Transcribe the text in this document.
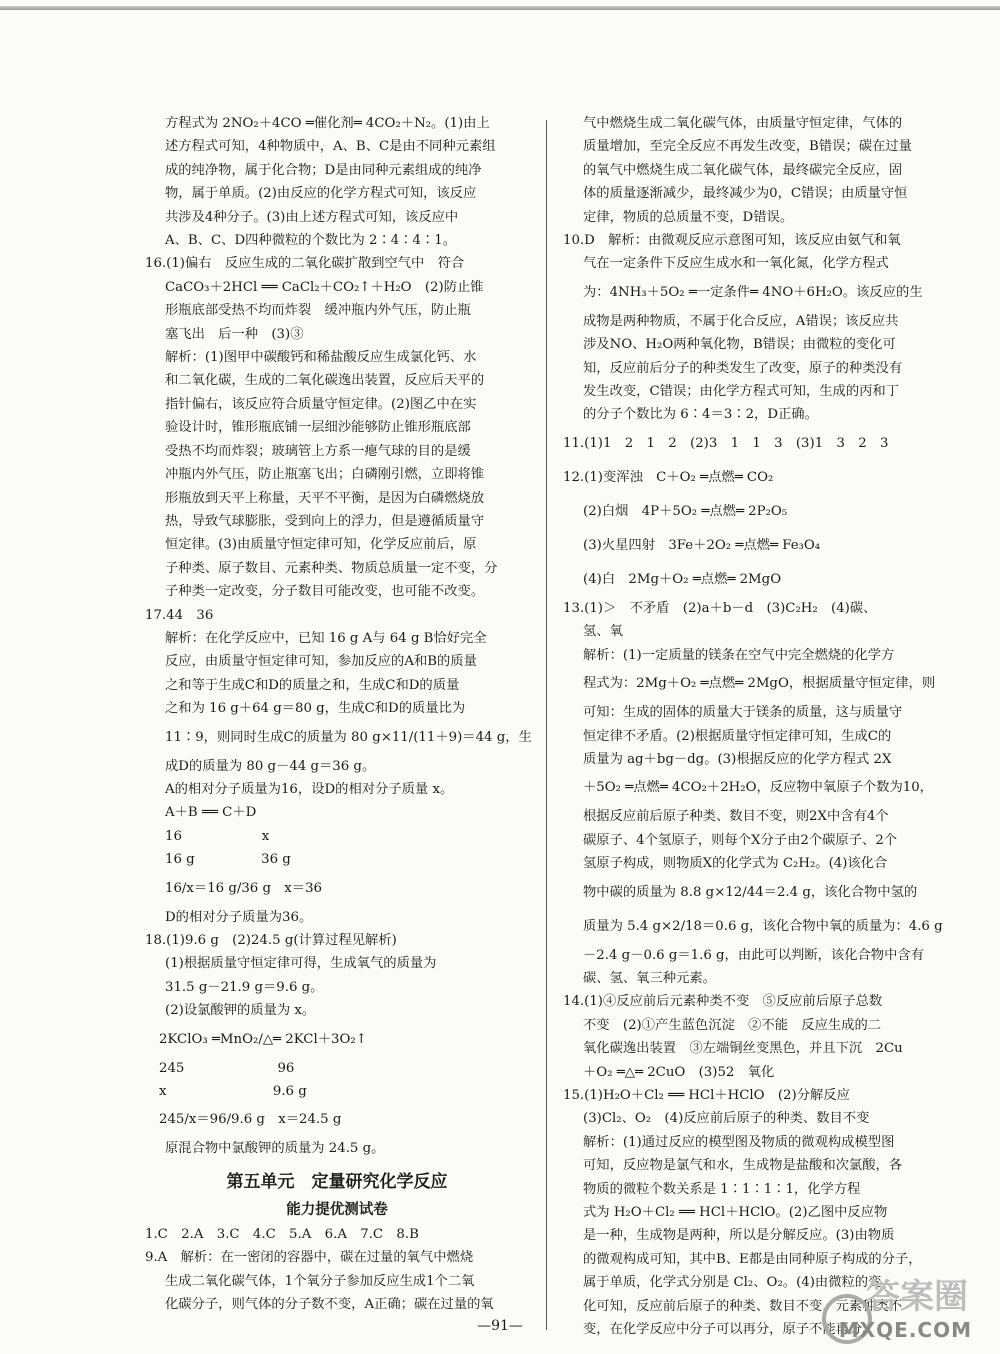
方程式为 2NO₂＋4CO ═催化剂═ 4CO₂＋N₂。(1)由上
述方程式可知，4种物质中，A、B、C是由不同种元素组
成的纯净物，属于化合物；D是由同种元素组成的纯净
物，属于单质。(2)由反应的化学方程式可知，该反应
共涉及4种分子。(3)由上述方程式可知，该反应中
A、B、C、D四种微粒的个数比为 2∶4∶4∶1。
16.(1)偏右　反应生成的二氧化碳扩散到空气中　符合
CaCO₃＋2HCl ══ CaCl₂＋CO₂↑＋H₂O　(2)防止锥
形瓶底部受热不均而炸裂　缓冲瓶内外气压，防止瓶
塞飞出　后一种　(3)③
解析：(1)图甲中碳酸钙和稀盐酸反应生成氯化钙、水
和二氧化碳，生成的二氧化碳逸出装置，反应后天平的
指针偏右，该反应符合质量守恒定律。(2)图乙中在实
验设计时，锥形瓶底铺一层细沙能够防止锥形瓶底部
受热不均而炸裂；玻璃管上方系一瘪气球的目的是缓
冲瓶内外气压，防止瓶塞飞出；白磷刚引燃，立即将锥
形瓶放到天平上称量，天平不平衡，是因为白磷燃烧放
热，导致气球膨胀，受到向上的浮力，但是遵循质量守
恒定律。(3)由质量守恒定律可知，化学反应前后，原
子种类、原子数目、元素种类、物质总质量一定不变，分
子种类一定改变，分子数目可能改变，也可能不改变。
17.44　36
解析：在化学反应中，已知 16 g A与 64 g B恰好完全
反应，由质量守恒定律可知，参加反应的A和B的质量
之和等于生成C和D的质量之和，生成C和D的质量
之和为 16 g＋64 g＝80 g，生成C和D的质量比为
11∶9，则同时生成C的质量为 80 g×11/(11＋9)＝44 g，生
成D的质量为 80 g－44 g＝36 g。
A的相对分子质量为16，设D的相对分子质量 x。
A＋B ══ C＋D
16　　　　　　x
16 g　　　　　36 g
16/x＝16 g/36 g　x＝36
D的相对分子质量为36。
18.(1)9.6 g　(2)24.5 g(计算过程见解析)
(1)根据质量守恒定律可得，生成氧气的质量为
31.5 g－21.9 g＝9.6 g。
(2)设氯酸钾的质量为 x。
2KClO₃ ═MnO₂/△═ 2KCl＋3O₂↑
245　　　　　　　96
x　　　　　　　　9.6 g
245/x＝96/9.6 g　x＝24.5 g
原混合物中氯酸钾的质量为 24.5 g。
第五单元　定量研究化学反应
能力提优测试卷
1.C　2.A　3.C　4.C　5.A　6.A　7.C　8.B
9.A　解析：在一密闭的容器中，碳在过量的氧气中燃烧
生成二氧化碳气体，1个氧分子参加反应生成1个二氧
化碳分子，则气体的分子数不变，A正确；碳在过量的氧
气中燃烧生成二氧化碳气体，由质量守恒定律，气体的
质量增加，至完全反应不再发生改变，B错误；碳在过量
的氧气中燃烧生成二氧化碳气体，最终碳完全反应，固
体的质量逐渐减少，最终减少为0，C错误；由质量守恒
定律，物质的总质量不变，D错误。
10.D　解析：由微观反应示意图可知，该反应由氨气和氧
气在一定条件下反应生成水和一氧化氮，化学方程式
为：4NH₃＋5O₂ ═一定条件═ 4NO＋6H₂O。该反应的生
成物是两种物质，不属于化合反应，A错误；该反应共
涉及NO、H₂O两种氧化物，B错误；由微粒的变化可
知，反应前后分子的种类发生了改变，原子的种类没有
发生改变，C错误；由化学方程式可知，生成的丙和丁
的分子个数比为 6∶4＝3∶2，D正确。
11.(1)1　2　1　2　(2)3　1　1　3　(3)1　3　2　3
12.(1)变浑浊　C＋O₂ ═点燃═ CO₂
(2)白烟　4P＋5O₂ ═点燃═ 2P₂O₅
(3)火星四射　3Fe＋2O₂ ═点燃═ Fe₃O₄
(4)白　2Mg＋O₂ ═点燃═ 2MgO
13.(1)＞　不矛盾　(2)a＋b－d　(3)C₂H₂　(4)碳、
氢、氧
解析：(1)一定质量的镁条在空气中完全燃烧的化学方
程式为：2Mg＋O₂ ═点燃═ 2MgO，根据质量守恒定律，则
可知：生成的固体的质量大于镁条的质量，这与质量守
恒定律不矛盾。(2)根据质量守恒定律可知，生成C的
质量为 ag＋bg－dg。(3)根据反应的化学方程式 2X
＋5O₂ ═点燃═ 4CO₂＋2H₂O，反应物中氧原子个数为10，
根据反应前后原子种类、数目不变，则2X中含有4个
碳原子、4个氢原子，则每个X分子由2个碳原子、2个
氢原子构成，则物质X的化学式为 C₂H₂。(4)该化合
物中碳的质量为 8.8 g×12/44＝2.4 g，该化合物中氢的
质量为 5.4 g×2/18＝0.6 g，该化合物中氧的质量为：4.6 g
－2.4 g－0.6 g＝1.6 g，由此可以判断，该化合物中含有
碳、氢、氧三种元素。
14.(1)④反应前后元素种类不变　⑤反应前后原子总数
不变　(2)①产生蓝色沉淀　②不能　反应生成的二
氧化碳逸出装置　③左端铜丝变黑色，并且下沉　2Cu
＋O₂ ═△═ 2CuO　(3)52　氧化
15.(1)H₂O＋Cl₂ ══ HCl＋HClO　(2)分解反应
(3)Cl₂、O₂　(4)反应前后原子的种类、数目不变
解析：(1)通过反应的模型图及物质的微观构成模型图
可知，反应物是氯气和水，生成物是盐酸和次氯酸，各
物质的微粒个数关系是 1∶1∶1∶1，化学方程
式为 H₂O＋Cl₂ ══ HCl＋HClO。(2)乙图中反应物
是一种，生成物是两种，所以是分解反应。(3)由物质
的微观构成可知，其中B、E都是由同种原子构成的分子，
属于单质，化学式分别是 Cl₂、O₂。(4)由微粒的变
化可知，反应前后原子的种类、数目不变，元素种类不
变，在化学反应中分子可以再分，原子不能再分。
—91—
答案圈
MXQE.COM
